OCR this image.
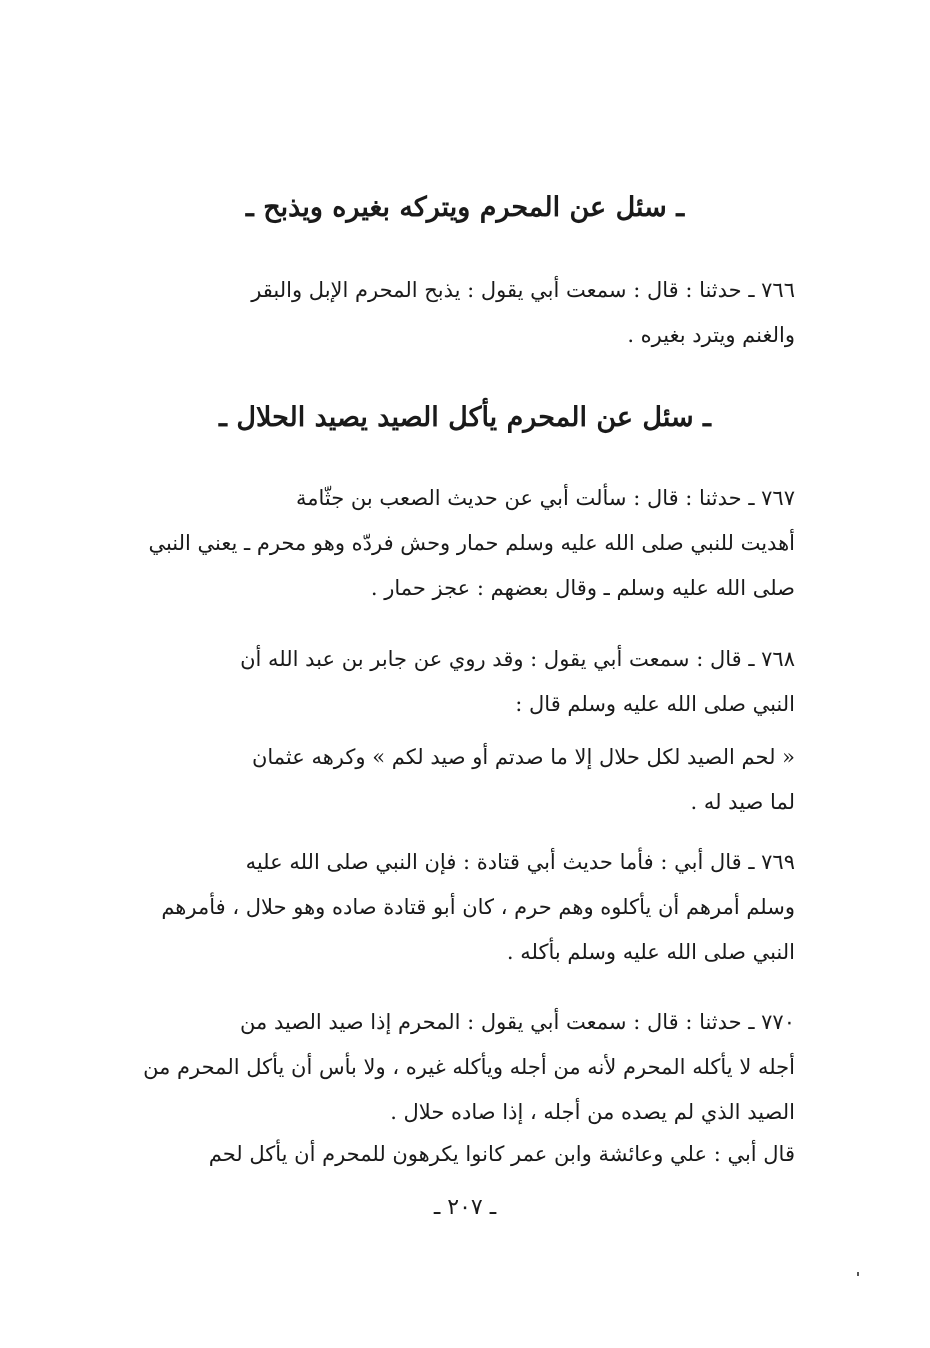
ـ سئل عن المحرم ويتركه بغيره ويذبح ـ
٧٦٦ ـ حدثنا : قال : سمعت أبي يقول : يذبح المحرم الإبل والبقر
والغنم ويترد بغيره .
ـ سئل عن المحرم يأكل الصيد يصيد الحلال ـ
٧٦٧ ـ حدثنا : قال : سألت أبي عن حديث الصعب بن جثّامة
أهديت للنبي صلى الله عليه وسلم حمار وحش فردّه وهو محرم ـ يعني النبي
صلى الله عليه وسلم ـ وقال بعضهم : عجز حمار .
٧٦٨ ـ قال : سمعت أبي يقول : وقد روي عن جابر بن عبد الله أن
النبي صلى الله عليه وسلم قال :
« لحم الصيد لكل حلال إلا ما صدتم أو صيد لكم » وكرهه عثمان
لما صيد له .
٧٦٩ ـ قال أبي : فأما حديث أبي قتادة : فإن النبي صلى الله عليه
وسلم أمرهم أن يأكلوه وهم حرم ، كان أبو قتادة صاده وهو حلال ، فأمرهم
النبي صلى الله عليه وسلم بأكله .
٧٧٠ ـ حدثنا : قال : سمعت أبي يقول : المحرم إذا صيد الصيد من
أجله لا يأكله المحرم لأنه من أجله ويأكله غيره ، ولا بأس أن يأكل المحرم من
الصيد الذي لم يصده من أجله ، إذا صاده حلال .
قال أبي : علي وعائشة وابن عمر كانوا يكرهون للمحرم أن يأكل لحم
ـ ٢٠٧ ـ
